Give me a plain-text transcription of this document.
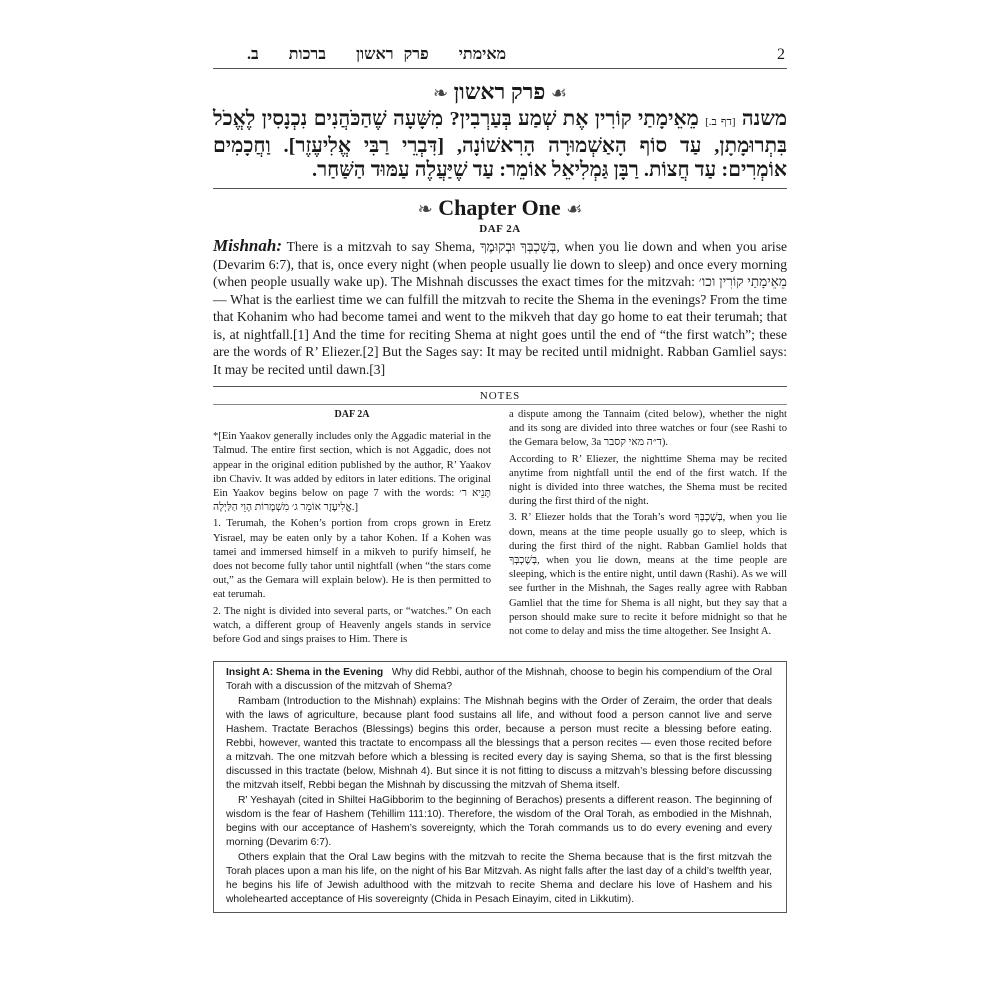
מאימתיפרק ראשוןברכותב.	2
☙ פרק ראשון ❧
משנה [דף ב.] מֵאֵימָתַי קוֹרִין אֶת שְׁמַע בְּעַרְבִין? מִשָּׁעָה שֶׁהַכֹּהֲנִים נִכְנָסִין לֶאֱכֹל בִּתְרוּמָתָן, עַד סוֹף הָאַשְׁמוּרָה הָרִאשׁוֹנָה, [דִּבְרֵי רַבִּי אֱלִיעֶזֶר]. וַחֲכָמִים אוֹמְרִים: עַד חֲצוֹת. רַבָּן גַּמְלִיאֵל אוֹמֵר: עַד שֶׁיַּעֲלֶה עַמּוּד הַשַּׁחַר.
❧ Chapter One ☙
DAF 2A
Mishnah: There is a mitzvah to say Shema, בְּשָׁכְבְּךָ וּבְקוּמֶךָ, when you lie down and when you arise (Devarim 6:7), that is, once every night (when people usually lie down to sleep) and once every morning (when people usually wake up). The Mishnah discusses the exact times for the mitzvah: מֵאֵימָתַי קוֹרִין וכו׳ — What is the earliest time we can fulfill the mitzvah to recite the Shema in the evenings? From the time that Kohanim who had become tamei and went to the mikveh that day go home to eat their terumah; that is, at nightfall.[1] And the time for reciting Shema at night goes until the end of “the first watch”; these are the words of R’ Eliezer.[2] But the Sages say: It may be recited until midnight. Rabban Gamliel says: It may be recited until dawn.[3]
NOTES
DAF 2A

*[Ein Yaakov generally includes only the Aggadic material in the Talmud. The entire first section, which is not Aggadic, does not appear in the original edition published by the author, R’ Yaakov ibn Chaviv. It was added by editors in later editions. The original Ein Yaakov begins below on page 7 with the words: תָּנֵיא ר׳ אֱלִיעֶזֶר אוֹמֵר ג׳ מִשְׁמָרוֹת הָוֵי הַלַּיְלָה.]

1. Terumah, the Kohen’s portion from crops grown in Eretz Yisrael, may be eaten only by a tahor Kohen. If a Kohen was tamei and immersed himself in a mikveh to purify himself, he does not become fully tahor until nightfall (when “the stars come out,” as the Gemara will explain below). He is then permitted to eat terumah.

2. The night is divided into several parts, or “watches.” On each watch, a different group of Heavenly angels stands in service before God and sings praises to Him. There is

a dispute among the Tannaim (cited below), whether the night and its song are divided into three watches or four (see Rashi to the Gemara below, 3a ד״ה מאי קסבר).

According to R’ Eliezer, the nighttime Shema may be recited anytime from nightfall until the end of the first watch. If the night is divided into three watches, the Shema must be recited during the first third of the night.

3. R’ Eliezer holds that the Torah’s word בְּשָׁכְבְּךָ, when you lie down, means at the time people usually go to sleep, which is during the first third of the night. Rabban Gamliel holds that בְּשָׁכְבְּךָ, when you lie down, means at the time people are sleeping, which is the entire night, until dawn (Rashi). As we will see further in the Mishnah, the Sages really agree with Rabban Gamliel that the time for Shema is all night, but they say that a person should make sure to recite it before midnight so that he not come to delay and miss the time altogether. See Insight A.

Insight A: Shema in the Evening Why did Rebbi, author of the Mishnah, choose to begin his compendium of the Oral Torah with a discussion of the mitzvah of Shema?

Rambam (Introduction to the Mishnah) explains: The Mishnah begins with the Order of Zeraim, the order that deals with the laws of agriculture, because plant food sustains all life, and without food a person cannot live and serve Hashem. Tractate Berachos (Blessings) begins this order, because a person must recite a blessing before eating. Rebbi, however, wanted this tractate to encompass all the blessings that a person recites — even those recited before a mitzvah. The one mitzvah before which a blessing is recited every day is saying Shema, so that is the first blessing discussed in this tractate (below, Mishnah 4). But since it is not fitting to discuss a mitzvah’s blessing before discussing the mitzvah itself, Rebbi began the Mishnah by discussing the mitzvah of Shema itself.

R’ Yeshayah (cited in Shiltei HaGibborim to the beginning of Berachos) presents a different reason. The beginning of wisdom is the fear of Hashem (Tehillim 111:10). Therefore, the wisdom of the Oral Torah, as embodied in the Mishnah, begins with our acceptance of Hashem’s sovereignty, which the Torah commands us to do every evening and every morning (Devarim 6:7).

Others explain that the Oral Law begins with the mitzvah to recite the Shema because that is the first mitzvah the Torah places upon a man his life, on the night of his Bar Mitzvah. As night falls after the last day of a child’s twelfth year, he begins his life of Jewish adulthood with the mitzvah to recite Shema and declare his love of Hashem and his wholehearted acceptance of His sovereignty (Chida in Pesach Einayim, cited in Likkutim).
